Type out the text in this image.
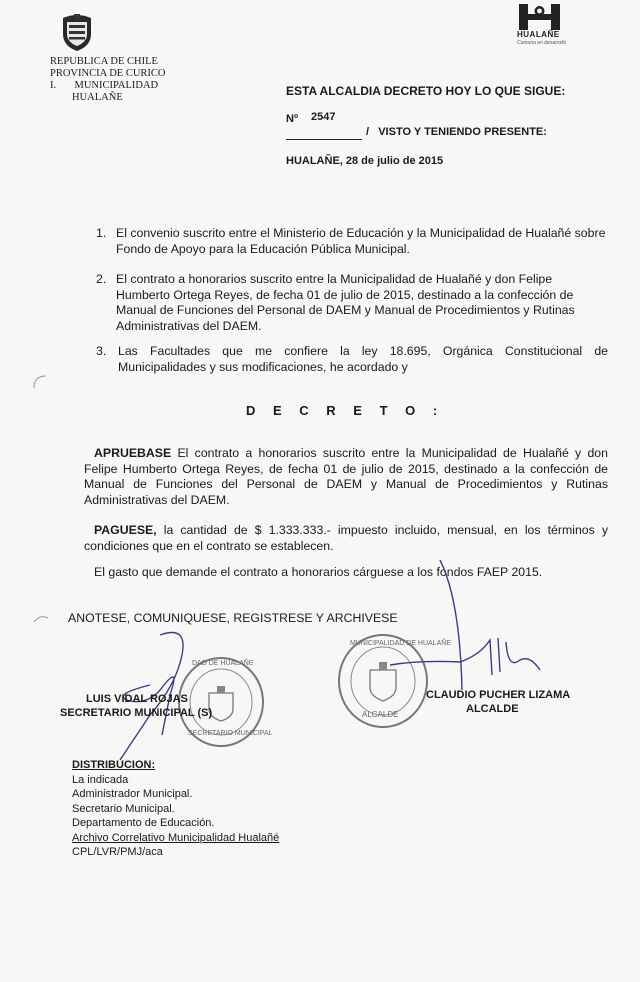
REPUBLICA DE CHILE
PROVINCIA DE CURICO
I.       MUNICIPALIDAD
HUALAÑE
HUALAÑE
Comuna en desarrollo
ESTA ALCALDIA DECRETO HOY LO QUE SIGUE:
Nº 2547
/   VISTO Y TENIENDO PRESENTE:
HUALAÑE, 28 de julio de 2015
1. El convenio suscrito entre el Ministerio de Educación y la Municipalidad de Hualañé sobre Fondo de Apoyo para la Educación Pública Municipal.
2. El contrato a honorarios suscrito entre la Municipalidad de Hualañé y don Felipe Humberto Ortega Reyes, de fecha 01 de julio de 2015, destinado a la confección de Manual de Funciones del Personal de DAEM y Manual de Procedimientos y Rutinas Administrativas del DAEM.
3. Las Facultades que me confiere la ley 18.695, Orgánica Constitucional de Municipalidades y sus modificaciones, he acordado y
D E C R E T O :
APRUEBASE El contrato a honorarios suscrito entre la Municipalidad de Hualañé y don Felipe Humberto Ortega Reyes, de fecha 01 de julio de 2015, destinado a la confección de Manual de Funciones del Personal de DAEM y Manual de Procedimientos y Rutinas Administrativas del DAEM.
PAGUESE, la cantidad de $ 1.333.333.- impuesto incluido, mensual, en los términos y condiciones que en el contrato se establecen.
El gasto que demande el contrato a honorarios cárguese a los fondos FAEP 2015.
ANOTESE, COMUNIQUESE, REGISTRESE Y ARCHIVESE
DAD DE HUALAÑE
SECRETARIO MUNICIPAL
MUNICIPALIDAD DE HUALAÑE
ALCALDE
LUIS VIDAL ROJAS
SECRETARIO MUNICIPAL (S)
CLAUDIO PUCHER LIZAMA
ALCALDE
DISTRIBUCION:
La indicada
Administrador Municipal.
Secretario Municipal.
Departamento de Educación.
Archivo Correlativo Municipalidad Hualañé
CPL/LVR/PMJ/aca
